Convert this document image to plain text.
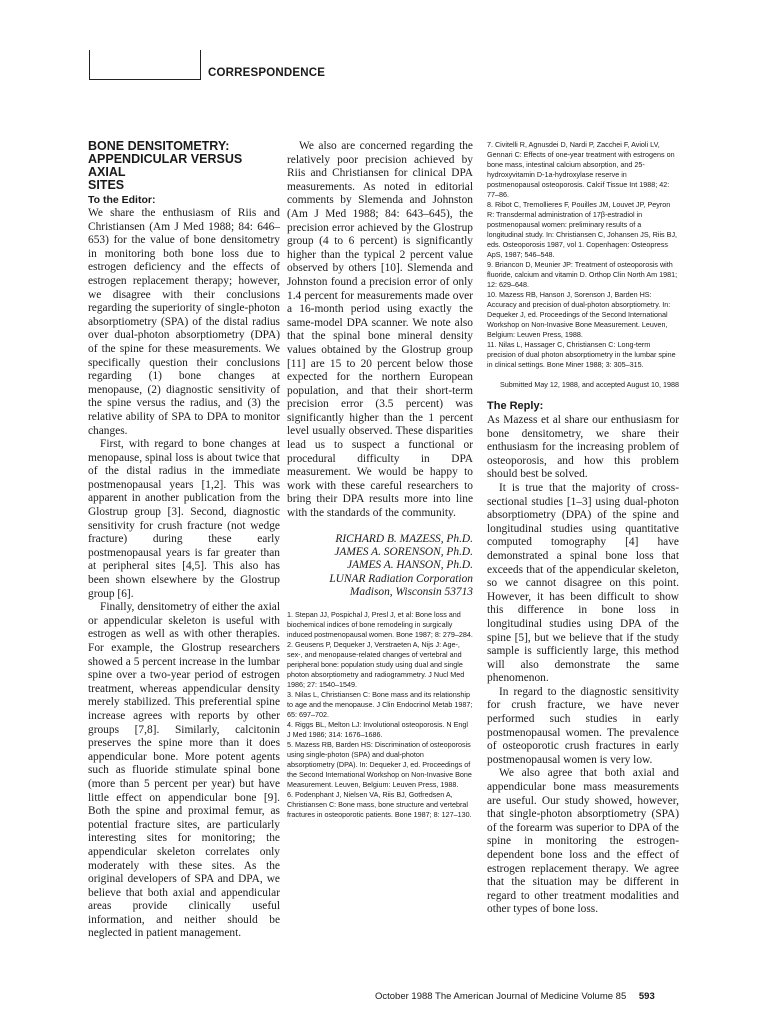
CORRESPONDENCE
BONE DENSITOMETRY:
APPENDICULAR VERSUS AXIAL
SITES
To the Editor:

We share the enthusiasm of Riis and Christiansen (Am J Med 1988; 84: 646–653) for the value of bone densitometry in monitoring both bone loss due to estrogen deficiency and the effects of estrogen replacement therapy; however, we disagree with their conclusions regarding the superiority of single-photon absorptiometry (SPA) of the distal radius over dual-photon absorptiometry (DPA) of the spine for these measurements. We specifically question their conclusions regarding (1) bone changes at menopause, (2) diagnostic sensitivity of the spine versus the radius, and (3) the relative ability of SPA to DPA to monitor changes.

First, with regard to bone changes at menopause, spinal loss is about twice that of the distal radius in the immediate postmenopausal years [1,2]. This was apparent in another publication from the Glostrup group [3]. Second, diagnostic sensitivity for crush fracture (not wedge fracture) during these early postmenopausal years is far greater than at peripheral sites [4,5]. This also has been shown elsewhere by the Glostrup group [6].

Finally, densitometry of either the axial or appendicular skeleton is useful with estrogen as well as with other therapies. For example, the Glostrup researchers showed a 5 percent increase in the lumbar spine over a two-year period of estrogen treatment, whereas appendicular density merely stabilized. This preferential spine increase agrees with reports by other groups [7,8]. Similarly, calcitonin preserves the spine more than it does appendicular bone. More potent agents such as fluoride stimulate spinal bone (more than 5 percent per year) but have little effect on appendicular bone [9]. Both the spine and proximal femur, as potential fracture sites, are particularly interesting sites for monitoring; the appendicular skeleton correlates only moderately with these sites. As the original developers of SPA and DPA, we believe that both axial and appendicular areas provide clinically useful information, and neither should be neglected in patient management.

We also are concerned regarding the relatively poor precision achieved by Riis and Christiansen for clinical DPA measurements. As noted in editorial comments by Slemenda and Johnston (Am J Med 1988; 84: 643–645), the precision error achieved by the Glostrup group (4 to 6 percent) is significantly higher than the typical 2 percent value observed by others [10]. Slemenda and Johnston found a precision error of only 1.4 percent for measurements made over a 16-month period using exactly the same-model DPA scanner. We note also that the spinal bone mineral density values obtained by the Glostrup group [11] are 15 to 20 percent below those expected for the northern European population, and that their short-term precision error (3.5 percent) was significantly higher than the 1 percent level usually observed. These disparities lead us to suspect a functional or procedural difficulty in DPA measurement. We would be happy to work with these careful researchers to bring their DPA results more into line with the standards of the community.

RICHARD B. MAZESS, Ph.D.
JAMES A. SORENSON, Ph.D.
JAMES A. HANSON, Ph.D.
LUNAR Radiation Corporation
Madison, Wisconsin 53713
1. Stepan JJ, Pospichal J, Presl J, et al: Bone loss and biochemical indices of bone remodeling in surgically induced postmenopausal women. Bone 1987; 8: 279–284.
2. Geusens P, Dequeker J, Verstraeten A, Nijs J: Age-, sex-, and menopause-related changes of vertebral and peripheral bone: population study using dual and single photon absorptiometry and radiogrammetry. J Nucl Med 1986; 27: 1540–1549.
3. Nilas L, Christiansen C: Bone mass and its relationship to age and the menopause. J Clin Endocrinol Metab 1987; 65: 697–702.
4. Riggs BL, Melton LJ: Involutional osteoporosis. N Engl J Med 1986; 314: 1676–1686.
5. Mazess RB, Barden HS: Discrimination of osteoporosis using single-photon (SPA) and dual-photon absorptiometry (DPA). In: Dequeker J, ed. Proceedings of the Second International Workshop on Non-Invasive Bone Measurement. Leuven, Belgium: Leuven Press, 1988.
6. Podenphant J, Nielsen VA, Riis BJ, Gotfredsen A, Christiansen C: Bone mass, bone structure and vertebral fractures in osteoporotic patients. Bone 1987; 8: 127–130.
7. Civitelli R, Agnusdei D, Nardi P, Zacchei F, Avioli LV, Gennari C: Effects of one-year treatment with estrogens on bone mass, intestinal calcium absorption, and 25-hydroxyvitamin D-1a-hydroxylase reserve in postmenopausal osteoporosis. Calcif Tissue Int 1988; 42: 77–86.
8. Ribot C, Tremollieres F, Pouilles JM, Louvet JP, Peyron R: Transdermal administration of 17β-estradiol in postmenopausal women: preliminary results of a longitudinal study. In: Christiansen C, Johansen JS, Riis BJ, eds. Osteoporosis 1987, vol 1. Copenhagen: Osteopress ApS, 1987; 546–548.
9. Briancon D, Meunier JP: Treatment of osteoporosis with fluoride, calcium and vitamin D. Orthop Clin North Am 1981; 12: 629–648.
10. Mazess RB, Hanson J, Sorenson J, Barden HS: Accuracy and precision of dual-photon absorptiometry. In: Dequeker J, ed. Proceedings of the Second International Workshop on Non-Invasive Bone Measurement. Leuven, Belgium: Leuven Press, 1988.
11. Nilas L, Hassager C, Christiansen C: Long-term precision of dual photon absorptiometry in the lumbar spine in clinical settings. Bone Miner 1988; 3: 305–315.
Submitted May 12, 1988, and accepted August 10, 1988
The Reply:

As Mazess et al share our enthusiasm for bone densitometry, we share their enthusiasm for the increasing problem of osteoporosis, and how this problem should best be solved.

It is true that the majority of cross-sectional studies [1–3] using dual-photon absorptiometry (DPA) of the spine and longitudinal studies using quantitative computed tomography [4] have demonstrated a spinal bone loss that exceeds that of the appendicular skeleton, so we cannot disagree on this point. However, it has been difficult to show this difference in bone loss in longitudinal studies using DPA of the spine [5], but we believe that if the study sample is sufficiently large, this method will also demonstrate the same phenomenon.

In regard to the diagnostic sensitivity for crush fracture, we have never performed such studies in early postmenopausal women. The prevalence of osteoporotic crush fractures in early postmenopausal women is very low.

We also agree that both axial and appendicular bone mass measurements are useful. Our study showed, however, that single-photon absorptiometry (SPA) of the forearm was superior to DPA of the spine in monitoring the estrogen-dependent bone loss and the effect of estrogen replacement therapy. We agree that the situation may be different in regard to other treatment modalities and other types of bone loss.

October 1988 The American Journal of Medicine Volume 85 593
